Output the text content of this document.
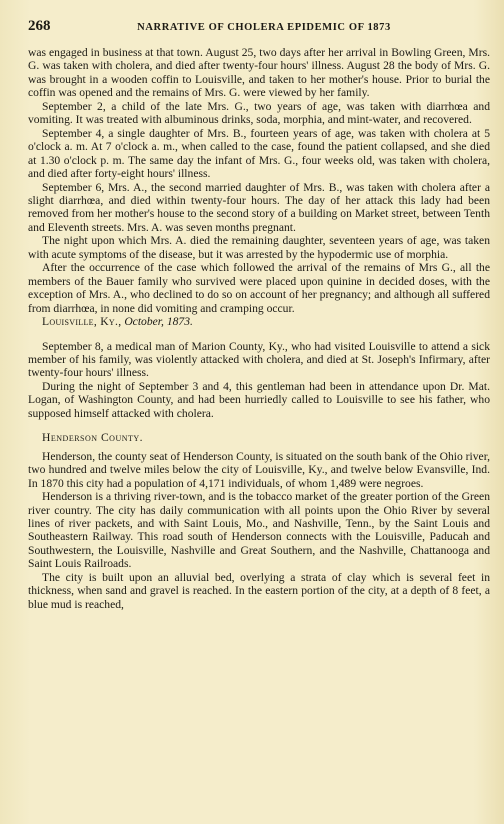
268	NARRATIVE OF CHOLERA EPIDEMIC OF 1873

was engaged in business at that town. August 25, two days after her arrival in Bowling Green, Mrs. G. was taken with cholera, and died after twenty-four hours' illness. August 28 the body of Mrs. G. was brought in a wooden coffin to Louisville, and taken to her mother's house. Prior to burial the coffin was opened and the remains of Mrs. G. were viewed by her family.

September 2, a child of the late Mrs. G., two years of age, was taken with diarrhœa and vomiting. It was treated with albuminous drinks, soda, morphia, and mint-water, and recovered.

September 4, a single daughter of Mrs. B., fourteen years of age, was taken with cholera at 5 o'clock a. m. At 7 o'clock a. m., when called to the case, found the patient collapsed, and she died at 1.30 o'clock p. m. The same day the infant of Mrs. G., four weeks old, was taken with cholera, and died after forty-eight hours' illness.

September 6, Mrs. A., the second married daughter of Mrs. B., was taken with cholera after a slight diarrhœa, and died within twenty-four hours. The day of her attack this lady had been removed from her mother's house to the second story of a building on Market street, between Tenth and Eleventh streets. Mrs. A. was seven months pregnant.

The night upon which Mrs. A. died the remaining daughter, seventeen years of age, was taken with acute symptoms of the disease, but it was arrested by the hypodermic use of morphia.

After the occurrence of the case which followed the arrival of the remains of Mrs G., all the members of the Bauer family who survived were placed upon quinine in decided doses, with the exception of Mrs. A., who declined to do so on account of her pregnancy; and although all suffered from diarrhœa, in none did vomiting and cramping occur.

Louisville, Ky., October, 1873.

September 8, a medical man of Marion County, Ky., who had visited Louisville to attend a sick member of his family, was violently attacked with cholera, and died at St. Joseph's Infirmary, after twenty-four hours' illness.

During the night of September 3 and 4, this gentleman had been in attendance upon Dr. Mat. Logan, of Washington County, and had been hurriedly called to Louisville to see his father, who supposed himself attacked with cholera.

Henderson County.

Henderson, the county seat of Henderson County, is situated on the south bank of the Ohio river, two hundred and twelve miles below the city of Louisville, Ky., and twelve below Evansville, Ind. In 1870 this city had a population of 4,171 individuals, of whom 1,489 were negroes.

Henderson is a thriving river-town, and is the tobacco market of the greater portion of the Green river country. The city has daily communication with all points upon the Ohio River by several lines of river packets, and with Saint Louis, Mo., and Nashville, Tenn., by the Saint Louis and Southeastern Railway. This road south of Henderson connects with the Louisville, Paducah and Southwestern, the Louisville, Nashville and Great Southern, and the Nashville, Chattanooga and Saint Louis Railroads.

The city is built upon an alluvial bed, overlying a strata of clay which is several feet in thickness, when sand and gravel is reached. In the eastern portion of the city, at a depth of 8 feet, a blue mud is reached,
